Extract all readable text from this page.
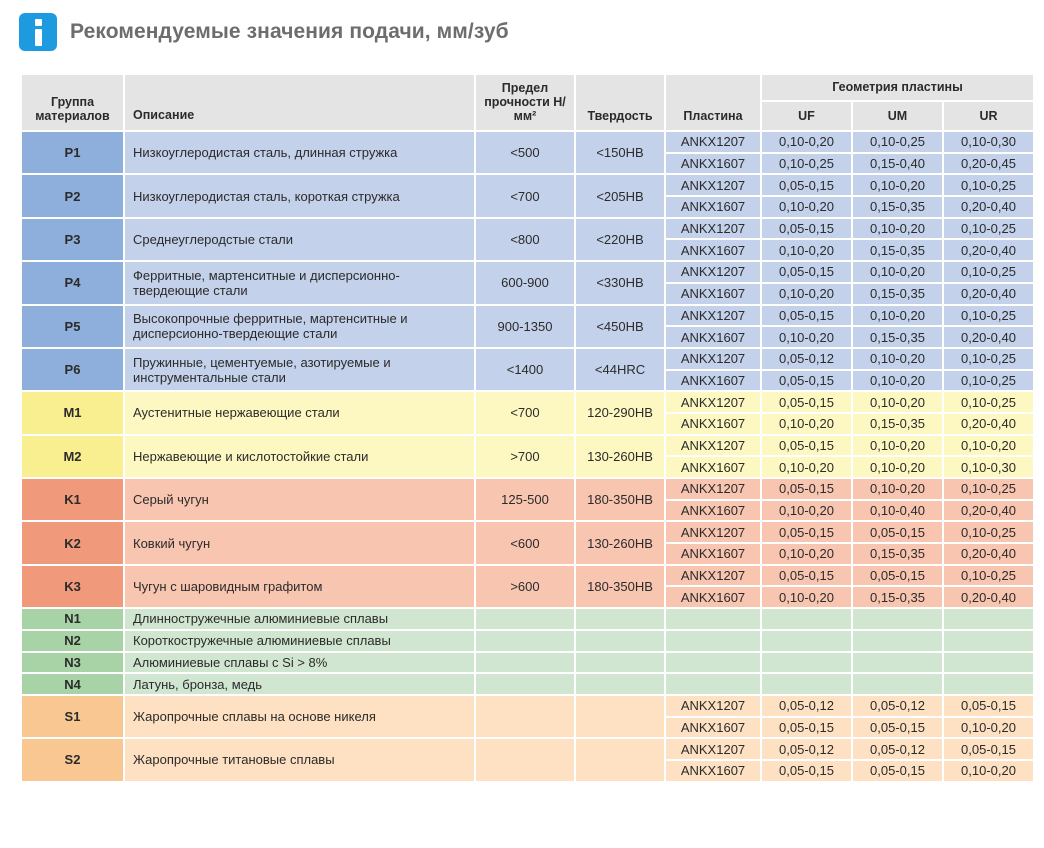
Рекомендуемые значения подачи, мм/зуб
Группа материалов	Описание	Предел прочности Н/мм²	Твердость	Пластина	Геометрия пластины		
					UF	UM	UR
P1	Низкоуглеродистая сталь, длинная стружка	<500	<150HB	ANKX1207	0,10-0,20	0,10-0,25	0,10-0,30
				ANKX1607	0,10-0,25	0,15-0,40	0,20-0,45
P2	Низкоуглеродистая сталь, короткая стружка	<700	<205HB	ANKX1207	0,05-0,15	0,10-0,20	0,10-0,25
				ANKX1607	0,10-0,20	0,15-0,35	0,20-0,40
P3	Среднеуглеродстые стали	<800	<220HB	ANKX1207	0,05-0,15	0,10-0,20	0,10-0,25
				ANKX1607	0,10-0,20	0,15-0,35	0,20-0,40
P4	Ферритные, мартенситные и дисперсионно-твердеющие стали	600-900	<330HB	ANKX1207	0,05-0,15	0,10-0,20	0,10-0,25
				ANKX1607	0,10-0,20	0,15-0,35	0,20-0,40
P5	Высокопрочные ферритные, мартенситные и дисперсионно-твердеющие стали	900-1350	<450HB	ANKX1207	0,05-0,15	0,10-0,20	0,10-0,25
				ANKX1607	0,10-0,20	0,15-0,35	0,20-0,40
P6	Пружинные, цементуемые, азотируемые и инструментальные стали	<1400	<44HRC	ANKX1207	0,05-0,12	0,10-0,20	0,10-0,25
				ANKX1607	0,05-0,15	0,10-0,20	0,10-0,25
M1	Аустенитные нержавеющие стали	<700	120-290HB	ANKX1207	0,05-0,15	0,10-0,20	0,10-0,25
				ANKX1607	0,10-0,20	0,15-0,35	0,20-0,40
M2	Нержавеющие и кислотостойкие стали	>700	130-260HB	ANKX1207	0,05-0,15	0,10-0,20	0,10-0,20
				ANKX1607	0,10-0,20	0,10-0,20	0,10-0,30
K1	Серый чугун	125-500	180-350HB	ANKX1207	0,05-0,15	0,10-0,20	0,10-0,25
				ANKX1607	0,10-0,20	0,10-0,40	0,20-0,40
K2	Ковкий чугун	<600	130-260HB	ANKX1207	0,05-0,15	0,05-0,15	0,10-0,25
				ANKX1607	0,10-0,20	0,15-0,35	0,20-0,40
K3	Чугун с шаровидным графитом	>600	180-350HB	ANKX1207	0,05-0,15	0,05-0,15	0,10-0,25
				ANKX1607	0,10-0,20	0,15-0,35	0,20-0,40
N1	Длинностружечные алюминиевые сплавы						
N2	Короткостружечные алюминиевые сплавы						
N3	Алюминиевые сплавы с Si > 8%						
N4	Латунь, бронза, медь						
S1	Жаропрочные сплавы на основе никеля			ANKX1207	0,05-0,12	0,05-0,12	0,05-0,15
				ANKX1607	0,05-0,15	0,05-0,15	0,10-0,20
S2	Жаропрочные титановые сплавы			ANKX1207	0,05-0,12	0,05-0,12	0,05-0,15
				ANKX1607	0,05-0,15	0,05-0,15	0,10-0,20
